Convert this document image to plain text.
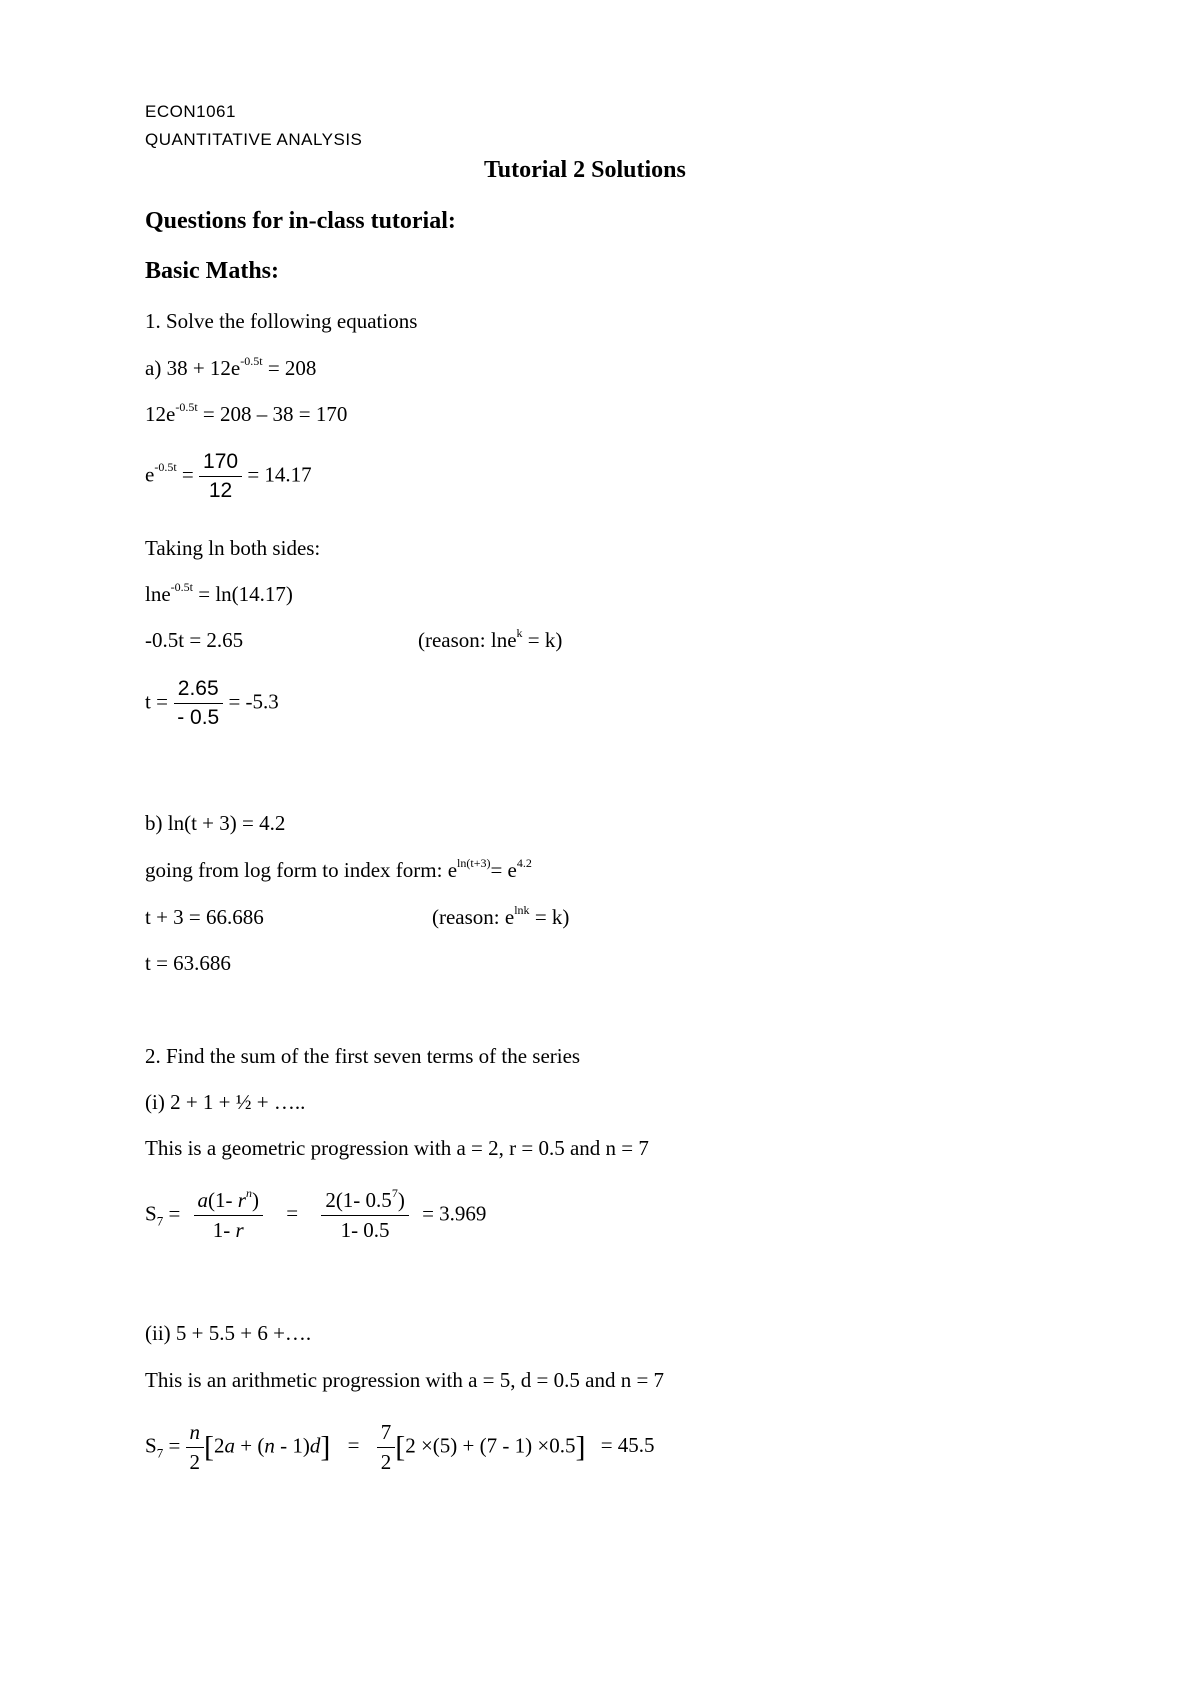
ECON1061
QUANTITATIVE ANALYSIS
Tutorial 2 Solutions
Questions for in-class tutorial:
Basic Maths:
1. Solve the following equations
a) $38 + 12e^{-0.5t} = 208$
$12e^{-0.5t} = 208 - 38 = 170$
$e^{-0.5t} = \frac{170}{12} = 14.17$
Taking ln both sides:
lne$^{-0.5t}$ = ln(14.17)
-0.5t = 2.65	(reason: lne$^k$ = k)
$t = \frac{2.65}{- 0.5} = -5.3$
b) ln(t + 3) = 4.2
going from log form to index form: $e^{ln(t+3)}= e^{4.2}$
t + 3 = 66.686	(reason: $e^{lnk} = k$)
t = 63.686
2. Find the sum of the first seven terms of the series
(i) 2 + 1 + ½ + …..
This is a geometric progression with a = 2, r = 0.5 and n = 7
$S_7 = \frac{a(1- r^n)}{1- r} = \frac{2(1- 0.5^7)}{1- 0.5} = 3.969$
(ii) 5 + 5.5 + 6 +….
This is an arithmetic progression with a = 5, d = 0.5 and n = 7
$S_7 = \frac{n}{2} [2a + (n - 1)d] = \frac{7}{2} [2 \times(5) + (7 - 1) \times 0.5] = 45.5$
